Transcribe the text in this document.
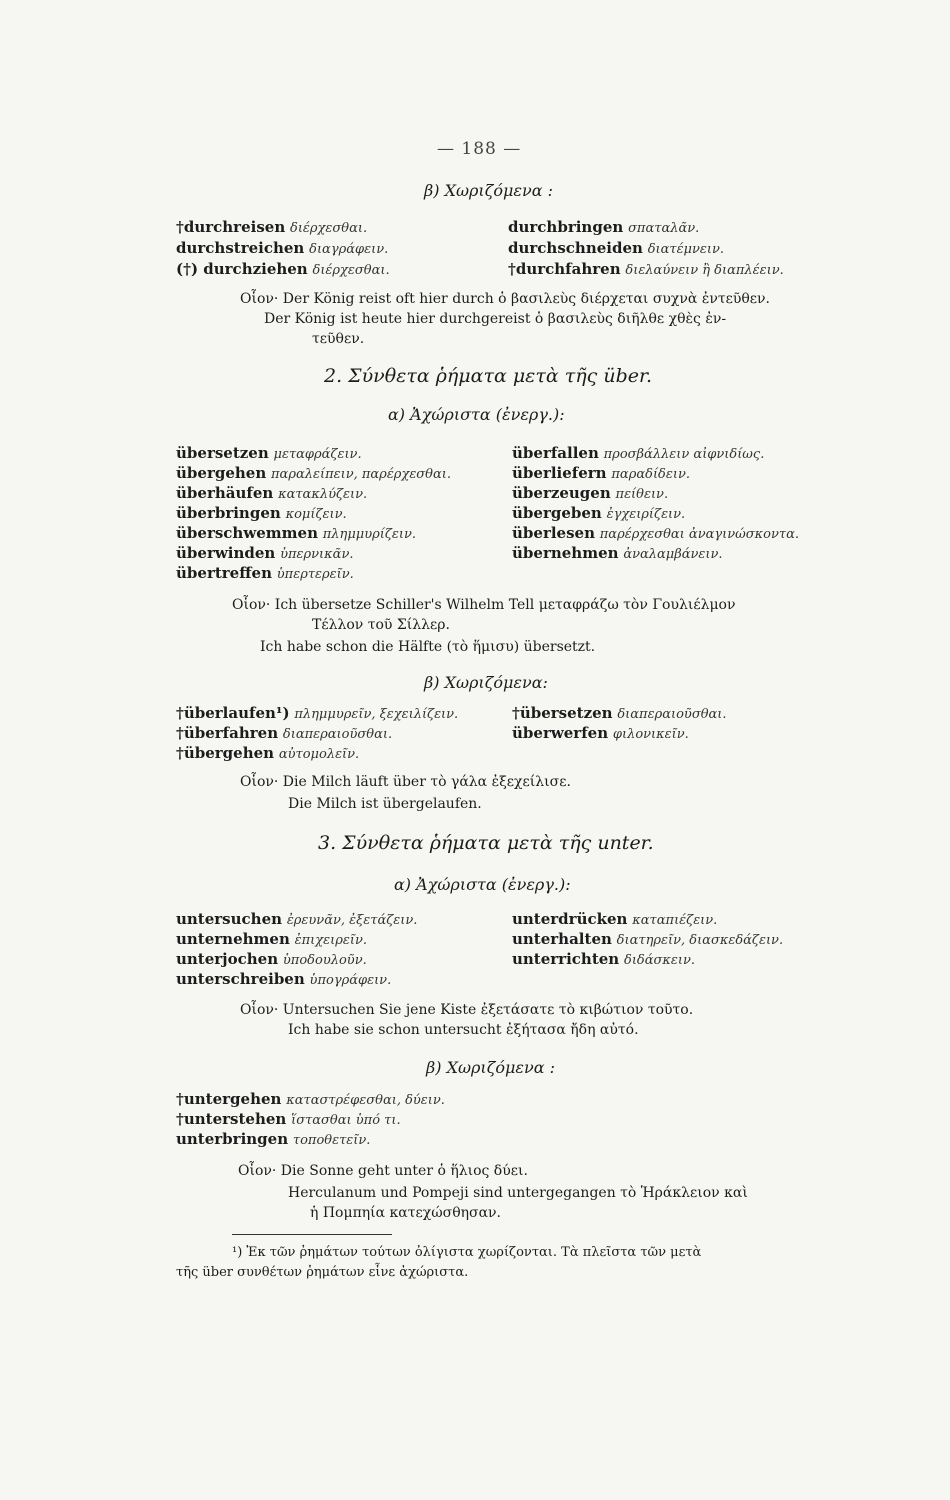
— 188 —
β) Χωριζόμενα :
†durchreisen διέρχεσθαι.
durchstreichen διαγράφειν.
(†) durchziehen διέρχεσθαι.
durchbringen σπαταλᾶν.
durchschneiden διατέμνειν.
†durchfahren διελαύνειν ἢ διαπλέειν.
Οἷον· Der König reist oft hier durch ὁ βασιλεὺς διέρχεται συχνὰ ἐντεῦθεν.
Der König ist heute hier durchgereist ὁ βασιλεὺς διῆλθε χθὲς ἐν-
τεῦθεν.
2. Σύνθετα ῥήματα μετὰ τῆς über.
α) Ἀχώριστα (ἐνεργ.):
übersetzen μεταφράζειν.
übergehen παραλείπειν, παρέρχεσθαι.
überhäufen κατακλύζειν.
überbringen κομίζειν.
überschwemmen πλημμυρίζειν.
überwinden ὑπερνικᾶν.
übertreffen ὑπερτερεῖν.
überfallen προσβάλλειν αἰφνιδίως.
überliefern παραδίδειν.
überzeugen πείθειν.
übergeben ἐγχειρίζειν.
überlesen παρέρχεσθαι ἀναγινώσκοντα.
übernehmen ἀναλαμβάνειν.
Οἷον· Ich übersetze Schiller's Wilhelm Tell μεταφράζω τὸν Γουλιέλμον
Τέλλον τοῦ Σίλλερ.
Ich habe schon die Hälfte (τὸ ἥμισυ) übersetzt.
β) Χωριζόμενα:
†überlaufen¹) πλημμυρεῖν, ξεχειλίζειν.
†überfahren διαπεραιοῦσθαι.
†übergehen αὐτομολεῖν.
†übersetzen διαπεραιοῦσθαι.
überwerfen φιλονικεῖν.
Οἷον· Die Milch läuft über τὸ γάλα ἐξεχείλισε.
Die Milch ist übergelaufen.
3. Σύνθετα ῥήματα μετὰ τῆς unter.
α) Ἀχώριστα (ἐνεργ.):
untersuchen ἐρευνᾶν, ἐξετάζειν.
unternehmen ἐπιχειρεῖν.
unterjochen ὑποδουλοῦν.
unterschreiben ὑπογράφειν.
unterdrücken καταπιέζειν.
unterhalten διατηρεῖν, διασκεδάζειν.
unterrichten διδάσκειν.
Οἷον· Untersuchen Sie jene Kiste ἐξετάσατε τὸ κιβώτιον τοῦτο.
Ich habe sie schon untersucht ἐξήτασα ἤδη αὐτό.
β) Χωριζόμενα :
†untergehen καταστρέφεσθαι, δύειν.
†unterstehen ἵστασθαι ὑπό τι.
unterbringen τοποθετεῖν.
Οἷον· Die Sonne geht unter ὁ ἥλιος δύει.
Herculanum und Pompeji sind untergegangen τὸ Ἡράκλειον καὶ
ἡ Πομπηία κατεχώσθησαν.
¹) Ἐκ τῶν ῥημάτων τούτων ὀλίγιστα χωρίζονται. Τὰ πλεῖστα τῶν μετὰ
τῆς über συνθέτων ῥημάτων εἶνε ἀχώριστα.
